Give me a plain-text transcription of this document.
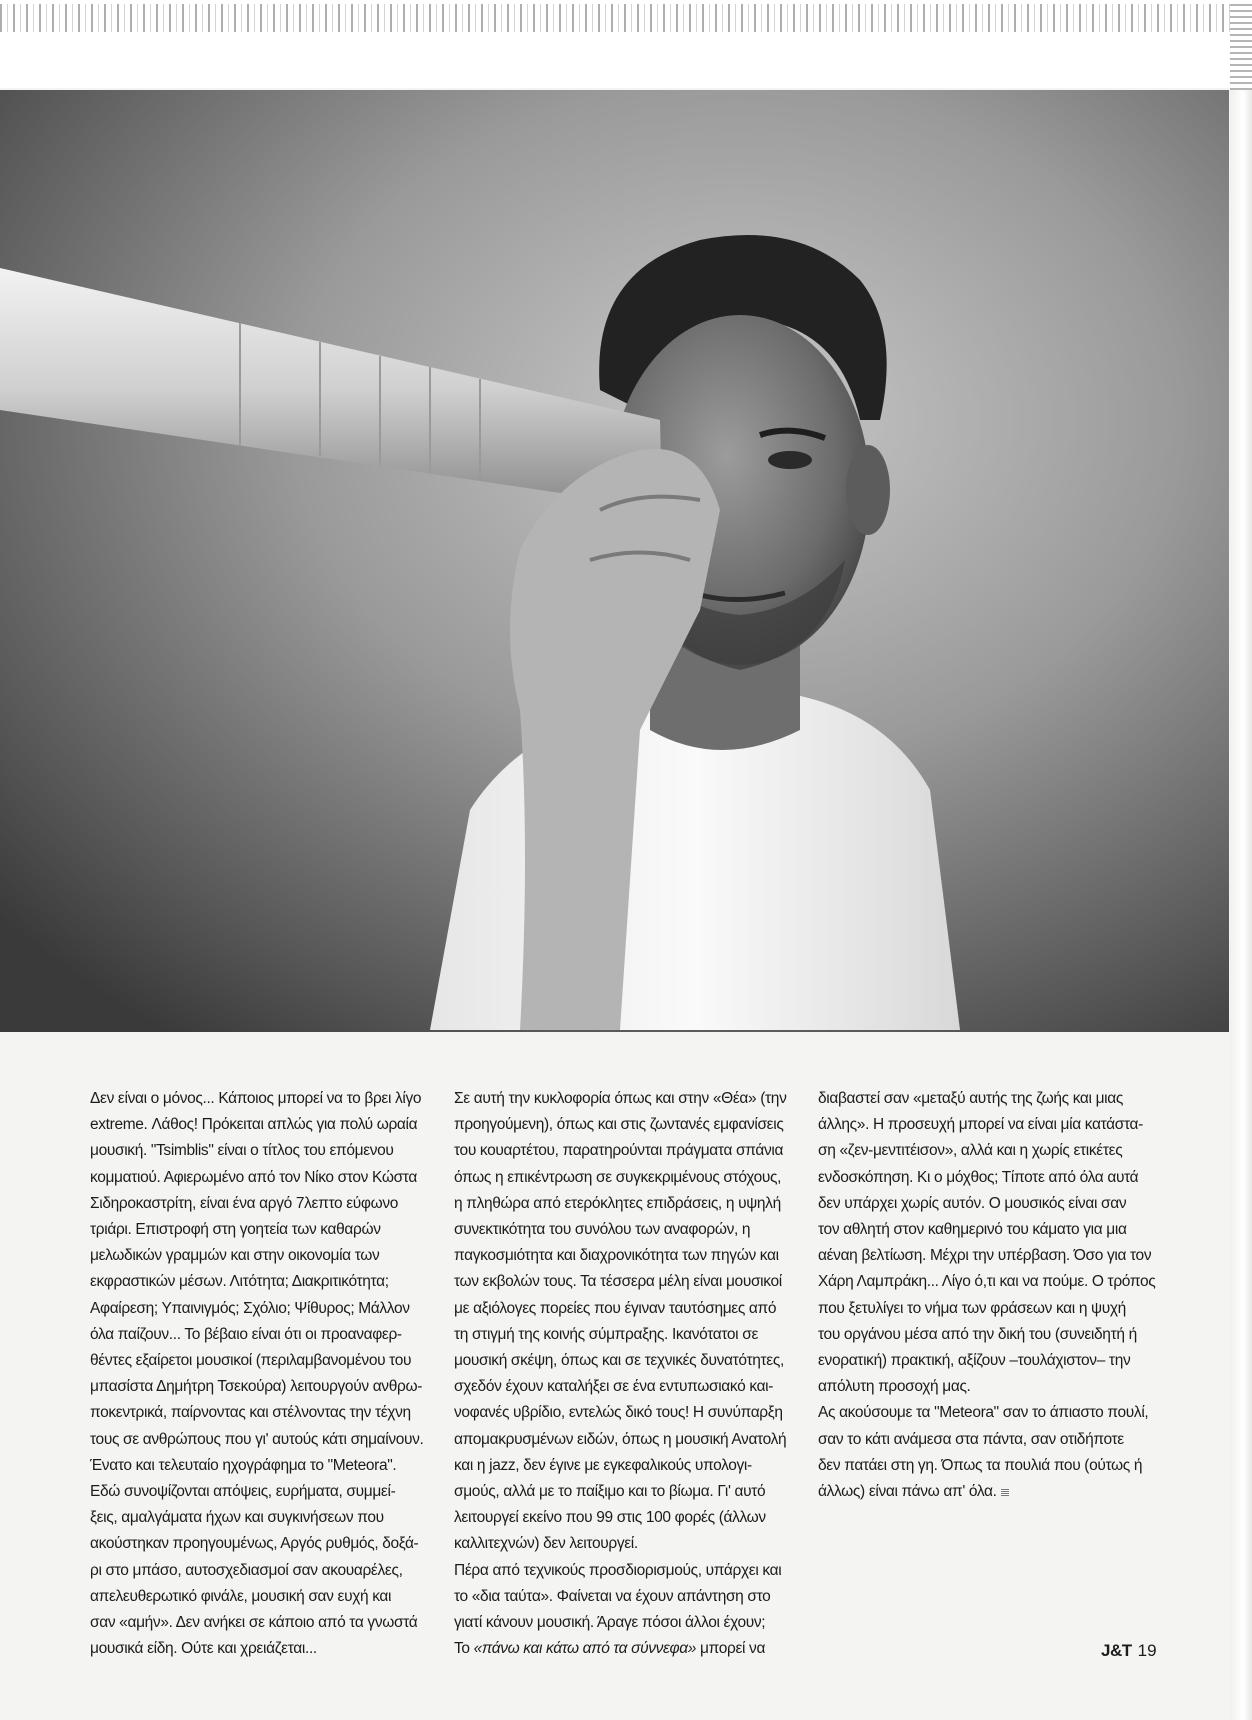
Δεν είναι ο μόνος... Κάποιος μπορεί να το βρει λίγο
extreme. Λάθος! Πρόκειται απλώς για πολύ ωραία
μουσική. "Tsimblis" είναι ο τίτλος του επόμενου
κομματιού. Αφιερωμένο από τον Νίκο στον Κώστα
Σιδηροκαστρίτη, είναι ένα αργό 7λεπτο εύφωνο
τριάρι. Επιστροφή στη γοητεία των καθαρών
μελωδικών γραμμών και στην οικονομία των
εκφραστικών μέσων. Λιτότητα; Διακριτικότητα;
Αφαίρεση; Υπαινιγμός; Σχόλιο; Ψίθυρος; Μάλλον
όλα παίζουν... Το βέβαιο είναι ότι οι προαναφερ-
θέντες εξαίρετοι μουσικοί (περιλαμβανομένου του
μπασίστα Δημήτρη Τσεκούρα) λειτουργούν ανθρω-
ποκεντρικά, παίρνοντας και στέλνοντας την τέχνη
τους σε ανθρώπους που γι' αυτούς κάτι σημαίνουν.
Ένατο και τελευταίο ηχογράφημα το "Meteora".
Εδώ συνοψίζονται απόψεις, ευρήματα, συμμεί-
ξεις, αμαλγάματα ήχων και συγκινήσεων που
ακούστηκαν προηγουμένως, Αργός ρυθμός, δοξά-
ρι στο μπάσο, αυτοσχεδιασμοί σαν ακουαρέλες,
απελευθερωτικό φινάλε, μουσική σαν ευχή και
σαν «αμήν». Δεν ανήκει σε κάποιο από τα γνωστά
μουσικά είδη. Ούτε και χρειάζεται...
Σε αυτή την κυκλοφορία όπως και στην «Θέα» (την
προηγούμενη), όπως και στις ζωντανές εμφανίσεις
του κουαρτέτου, παρατηρούνται πράγματα σπάνια
όπως η επικέντρωση σε συγκεκριμένους στόχους,
η πληθώρα από ετερόκλητες επιδράσεις, η υψηλή
συνεκτικότητα του συνόλου των αναφορών, η
παγκοσμιότητα και διαχρονικότητα των πηγών και
των εκβολών τους. Τα τέσσερα μέλη είναι μουσικοί
με αξιόλογες πορείες που έγιναν ταυτόσημες από
τη στιγμή της κοινής σύμπραξης. Ικανότατοι σε
μουσική σκέψη, όπως και σε τεχνικές δυνατότητες,
σχεδόν έχουν καταλήξει σε ένα εντυπωσιακό και-
νοφανές υβρίδιο, εντελώς δικό τους! Η συνύπαρξη
απομακρυσμένων ειδών, όπως η μουσική Ανατολή
και η jazz, δεν έγινε με εγκεφαλικούς υπολογι-
σμούς, αλλά με το παίξιμο και το βίωμα. Γι' αυτό
λειτουργεί εκείνο που 99 στις 100 φορές (άλλων
καλλιτεχνών) δεν λειτουργεί.
Πέρα από τεχνικούς προσδιορισμούς, υπάρχει και
το «δια ταύτα». Φαίνεται να έχουν απάντηση στο
γιατί κάνουν μουσική. Άραγε πόσοι άλλοι έχουν;
Το «πάνω και κάτω από τα σύννεφα» μπορεί να
διαβαστεί σαν «μεταξύ αυτής της ζωής και μιας
άλλης». Η προσευχή μπορεί να είναι μία κατάστα-
ση «ζεν-μεντιτέισον», αλλά και η χωρίς ετικέτες
ενδοσκόπηση. Κι ο μόχθος; Τίποτε από όλα αυτά
δεν υπάρχει χωρίς αυτόν. Ο μουσικός είναι σαν
τον αθλητή στον καθημερινό του κάματο για μια
αέναη βελτίωση. Μέχρι την υπέρβαση. Όσο για τον
Χάρη Λαμπράκη... Λίγο ό,τι και να πούμε. Ο τρόπος
που ξετυλίγει το νήμα των φράσεων και η ψυχή
του οργάνου μέσα από την δική του (συνειδητή ή
ενορατική) πρακτική, αξίζουν –τουλάχιστον– την
απόλυτη προσοχή μας.
Ας ακούσουμε τα "Meteora" σαν το άπιαστο πουλί,
σαν το κάτι ανάμεσα στα πάντα, σαν οτιδήποτε
δεν πατάει στη γη. Όπως τα πουλιά που (ούτως ή
άλλως) είναι πάνω απ' όλα.
J&T 19
